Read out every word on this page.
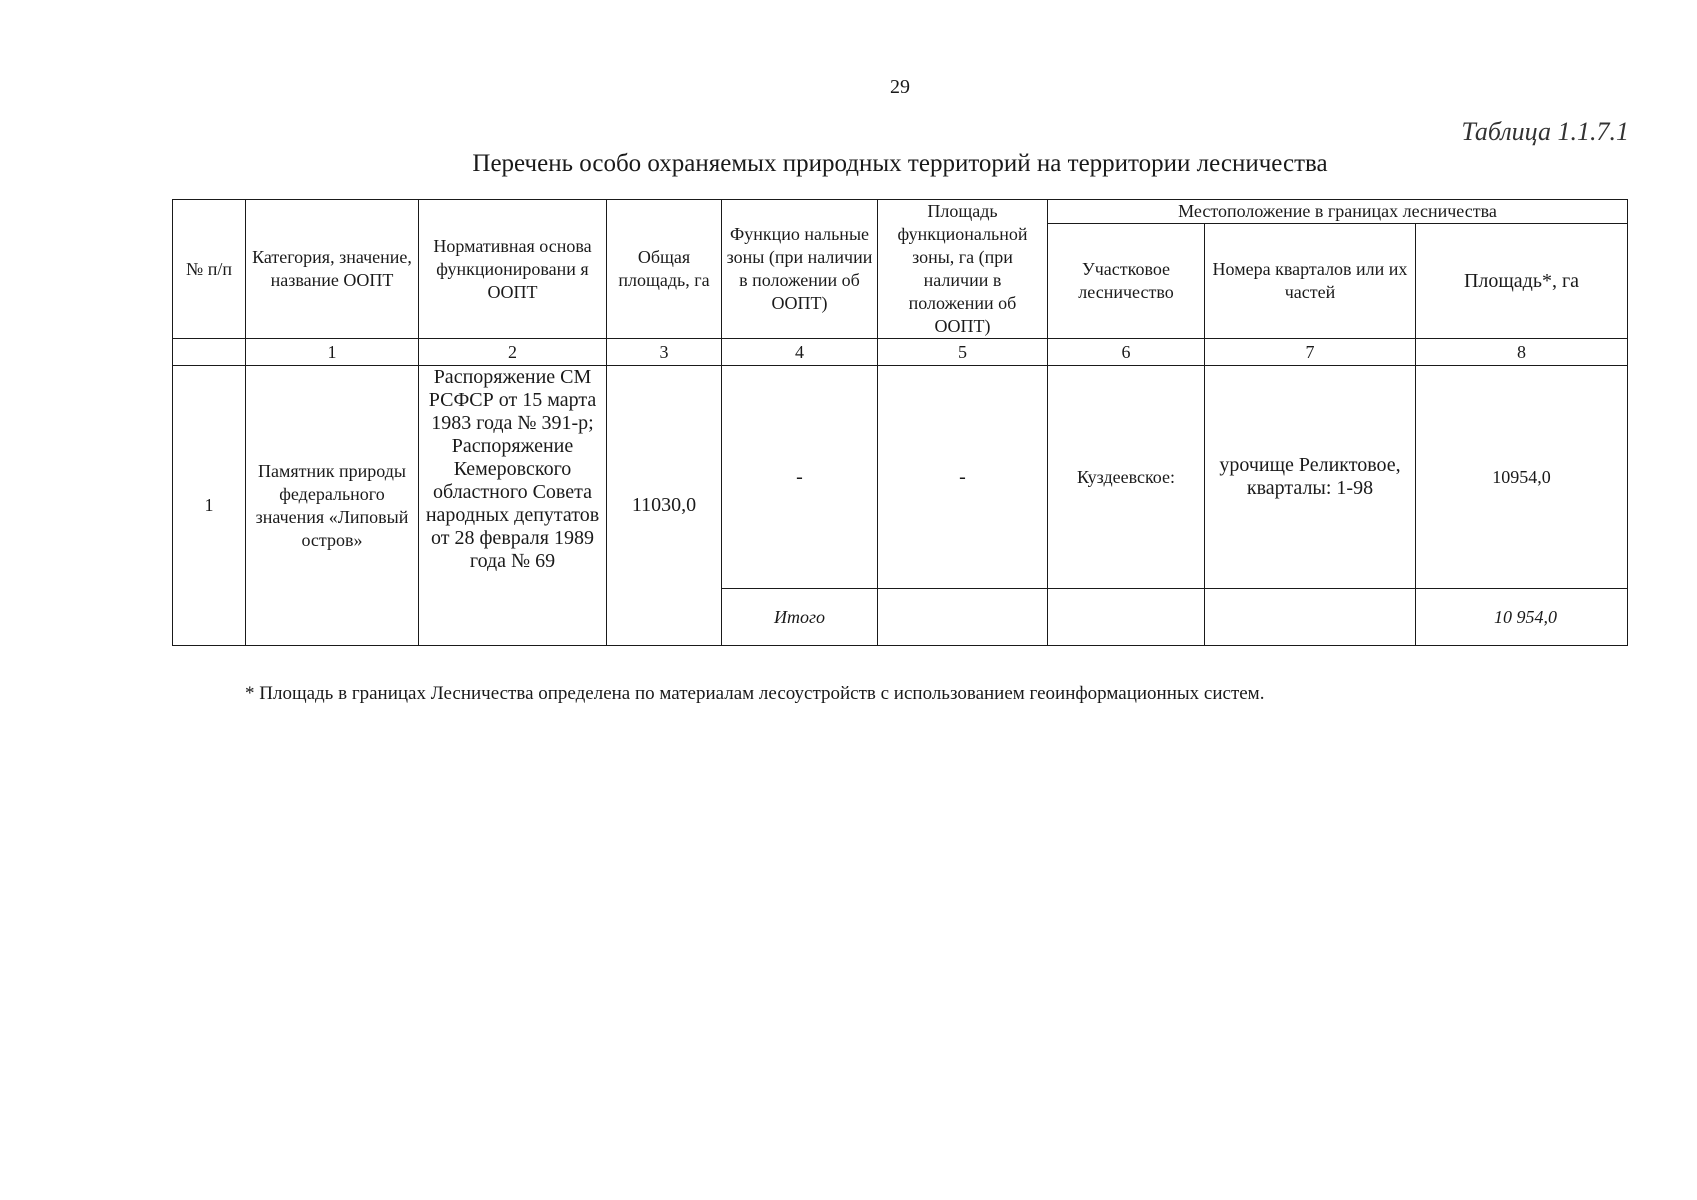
29
Таблица 1.1.7.1
Перечень особо охраняемых природных территорий на территории лесничества
№ п/п	Категория, значение, название ООПТ	Нормативная основа функционировани я ООПТ	Общая площадь, га	Функцио нальные зоны (при наличии в положении об ООПТ)	Площадь функциональной зоны, га (при наличии в положении об ООПТ)	Местоположение в границах лесничества		
						Участковое лесничество	Номера кварталов или их частей	Площадь*, га
	1	2	3	4	5	6	7	8
1	Памятник природы федерального значения «Липовый остров»	Распоряжение СМ РСФСР от 15 марта 1983 года № 391-р; Распоряжение Кемеровского областного Совета народных депутатов от 28 февраля 1989 года № 69	11030,0	-	-	Куздеевское:	урочище Реликтовое, кварталы: 1-98	10954,0
				Итого				10 954,0
* Площадь в границах Лесничества определена по материалам лесоустройств с использованием геоинформационных систем.
